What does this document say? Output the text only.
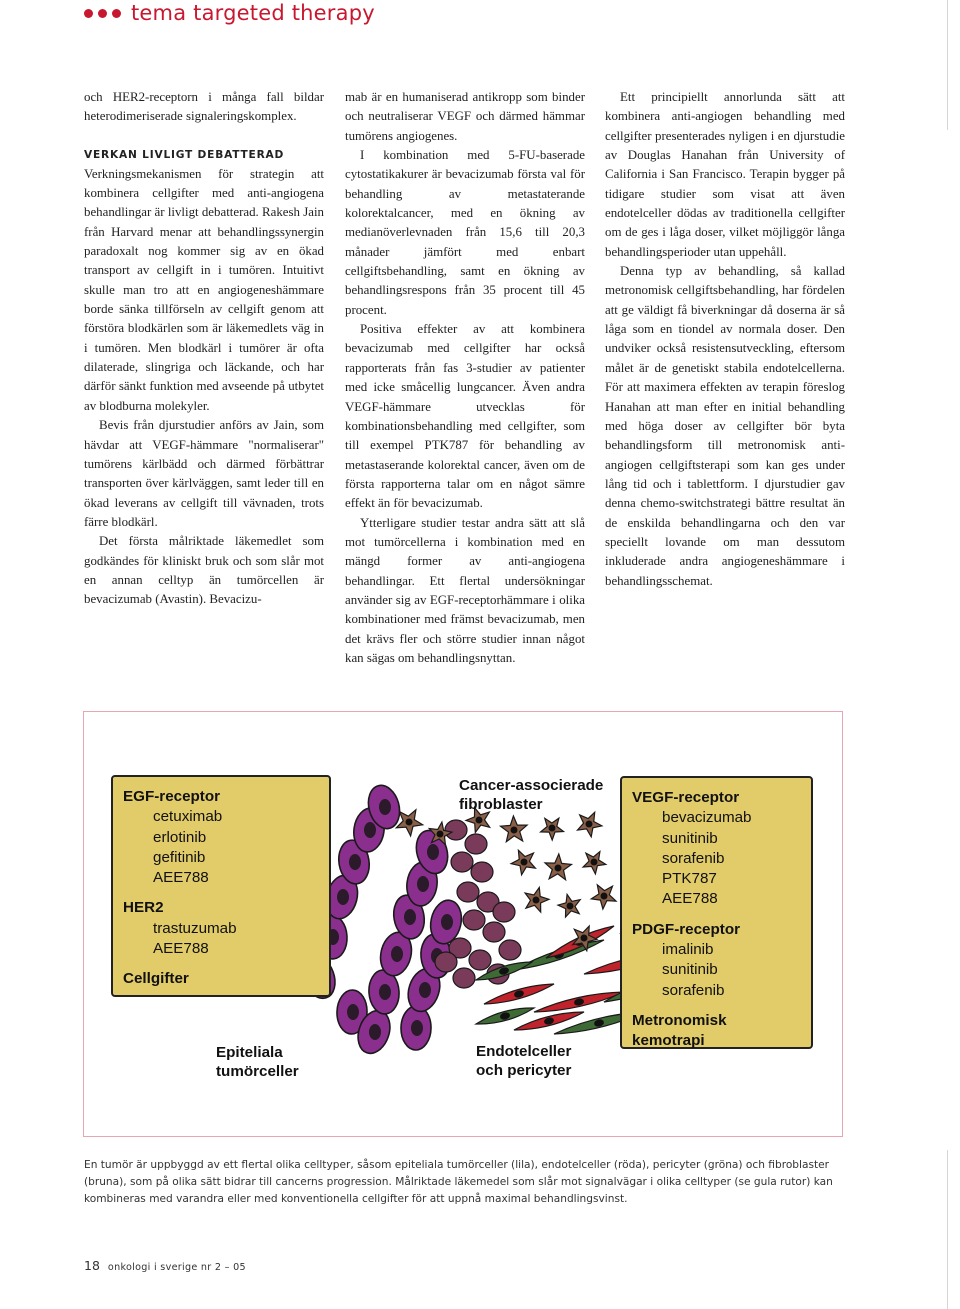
tema targeted therapy

och HER2-receptorn i många fall bildar heterodimeriserade signaleringskomplex.

VERKAN LIVLIGT DEBATTERAD

Verkningsmekanismen för strategin att kombinera cellgifter med anti-angiogena behandlingar är livligt debatterad. Rakesh Jain från Harvard menar att behandlingssynergin paradoxalt nog kommer sig av en ökad transport av cellgift in i tumören. Intuitivt skulle man tro att en angiogeneshämmare borde sänka tillförseln av cellgift genom att förstöra blodkärlen som är läkemedlets väg in i tumören. Men blodkärl i tumörer är ofta dilaterade, slingriga och läckande, och har därför sänkt funktion med avseende på utbytet av blodburna molekyler.

Bevis från djurstudier anförs av Jain, som hävdar att VEGF-hämmare "normaliserar" tumörens kärlbädd och därmed förbättrar transporten över kärlväggen, samt leder till en ökad leverans av cellgift till vävnaden, trots färre blodkärl.

Det första målriktade läkemedlet som godkändes för kliniskt bruk och som slår mot en annan celltyp än tumörcellen är bevacizumab (Avastin). Bevacizu-

mab är en humaniserad antikropp som binder och neutraliserar VEGF och därmed hämmar tumörens angiogenes.

I kombination med 5-FU-baserade cytostatikakurer är bevacizumab första val för behandling av metastaterande kolorektalcancer, med en ökning av medianöverlevnaden från 15,6 till 20,3 månader jämfört med enbart cellgiftsbehandling, samt en ökning av behandlingsrespons från 35 procent till 45 procent.

Positiva effekter av att kombinera bevacizumab med cellgifter har också rapporterats från fas 3-studier av patienter med icke småcellig lungcancer. Även andra VEGF-hämmare utvecklas för kombinationsbehandling med cellgifter, som till exempel PTK787 för behandling av metastaserande kolorektal cancer, även om de första rapporterna talar om en något sämre effekt än för bevacizumab.

Ytterligare studier testar andra sätt att slå mot tumörcellerna i kombination med en mängd former av anti-angiogena behandlingar. Ett flertal undersökningar använder sig av EGF-receptorhämmare i olika kombinationer med främst bevacizumab, men det krävs fler och större studier innan något kan sägas om behandlingsnyttan.

Ett principiellt annorlunda sätt att kombinera anti-angiogen behandling med cellgifter presenterades nyligen i en djurstudie av Douglas Hanahan från University of California i San Francisco. Terapin bygger på tidigare studier som visat att även endotelceller dödas av traditionella cellgifter om de ges i låga doser, vilket möjliggör långa behandlingsperioder utan uppehåll.

Denna typ av behandling, så kallad metronomisk cellgiftsbehandling, har fördelen att ge väldigt få biverkningar då doserna är så låga som en tiondel av normala doser. Den undviker också resistensutveckling, eftersom målet är de genetiskt stabila endotelcellerna. För att maximera effekten av terapin föreslog Hanahan att man efter en initial behandling med höga doser av cellgifter bör byta behandlingsform till metronomisk anti-angiogen cellgiftsterapi som kan ges under lång tid och i tablettform. I djurstudier gav denna chemo-switchstrategi bättre resultat än de enskilda behandlingarna och den var speciellt lovande om man dessutom inkluderade andra angiogeneshämmare i behandlingsschemat.

EGF-receptor
cetuximab
erlotinib
gefitinib
AEE788
HER2
trastuzumab
AEE788
Cellgifter
VEGF-receptor
bevacizumab
sunitinib
sorafenib
PTK787
AEE788
PDGF-receptor
imalinib
sunitinib
sorafenib
Metronomisk kemotrapi
Cancer-associerade
fibroblaster
Epiteliala
tumörceller
Endotelceller
och pericyter
En tumör är uppbyggd av ett flertal olika celltyper, såsom epiteliala tumörceller (lila), endotelceller (röda), pericyter (gröna) och fibroblaster (bruna), som på olika sätt bidrar till cancerns progression. Målriktade läkemedel som slår mot signalvägar i olika celltyper (se gula rutor) kan kombineras med varandra eller med konventionella cellgifter för att uppnå maximal behandlingsvinst.
18 onkologi i sverige nr 2 – 05
